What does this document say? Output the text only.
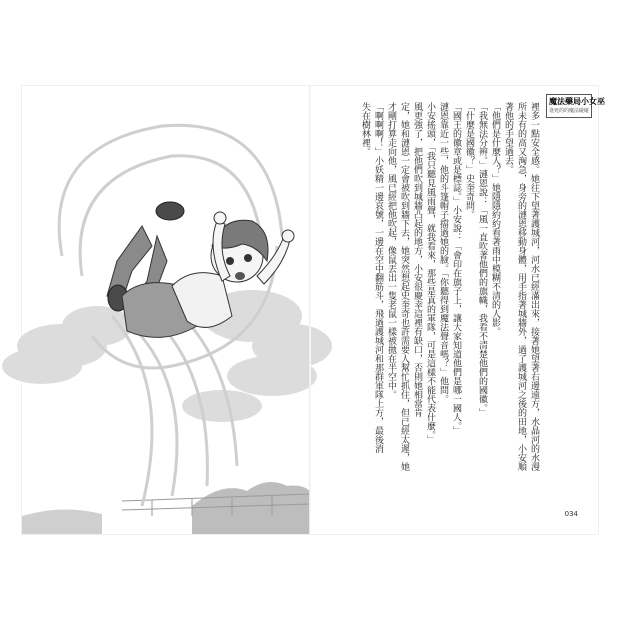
魔法藥局小女巫
逢死的的魔法碰碰

裡多一點安全感。她往下望著護城河，河水已經滿出來，接著她望著右邊遠方，水晶河的水漫

所未有的高又洶急，身旁的漣恩移動身體，用手指著城牆外，過了護城河之後的田地，小安順

著他的手望過去。

「他們是什麼人？」她隱隱約約看著雨中模糊不清的人影。

「我無法分辨。」漣恩說：「風一直吹著他們的旗幟，我看不清楚他們的國徽。」

「什麼是國徽？」史奎奇問。

「國王的徽章或是標誌。」小安說：「會印在旗子上，讓大家知道他們是哪一國人。」

漣恩靠近一些，他的斗篷帽子擋過她的臉。「你聽得到魔法聲音嗎？」他問。

小安搖頭，「我只聽見風雨聲，就我看來，那些是真的軍隊，可是這樣不能代表什麼。」

風更強了，把他們吹到城牆凸起的地方，小安很慶幸這裡有缺口，否則她相當肯

定，她和漣恩一定會被吹到牆下去，她突然想起史奎奇也許需要人幫忙抓住，但已經太遲，她

才剛打算走向他，風已經把他吹起，像鼠丟出一隻老鼠一樣被拋在半空中。

「啊啊啊！」小妖精一邊哀號，一邊在空中翻筋斗，飛過護城河和那群軍隊上方，最後消

失在樹林裡。

034
